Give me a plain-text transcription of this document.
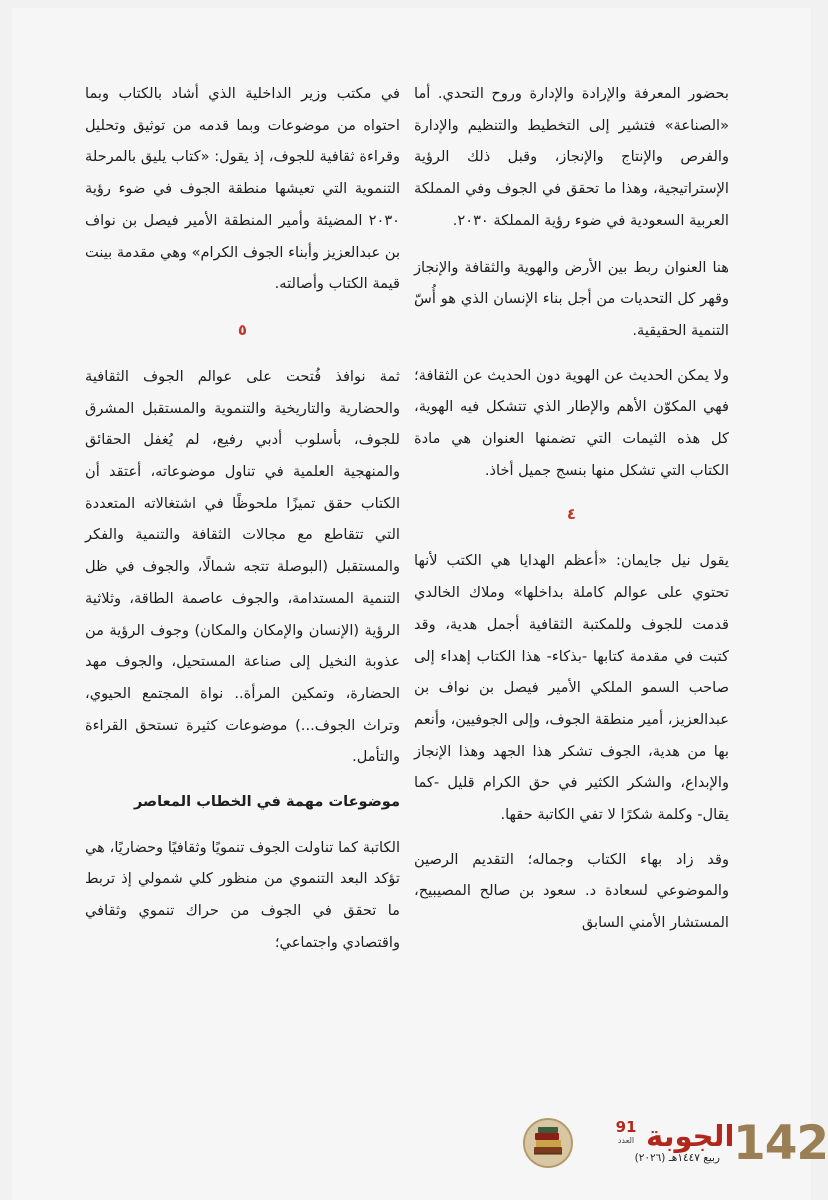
بحضور المعرفة والإرادة والإدارة وروح التحدي. أما «الصناعة» فتشير إلى التخطيط والتنظيم والإدارة والفرص والإنتاج والإنجاز، وقبل ذلك الرؤية الإستراتيجية، وهذا ما تحقق في الجوف وفي المملكة العربية السعودية في ضوء رؤية المملكة ٢٠٣٠.

هنا العنوان ربط بين الأرض والهوية والثقافة والإنجاز وقهر كل التحديات من أجل بناء الإنسان الذي هو أُسّ التنمية الحقيقية.

ولا يمكن الحديث عن الهوية دون الحديث عن الثقافة؛ فهي المكوّن الأهم والإطار الذي تتشكل فيه الهوية، كل هذه الثيمات التي تضمنها العنوان هي مادة الكتاب التي تشكل منها بنسج جميل أخاذ.

٤

يقول نيل جايمان: «أعظم الهدايا هي الكتب لأنها تحتوي على عوالم كاملة بداخلها» وملاك الخالدي قدمت للجوف وللمكتبة الثقافية أجمل هدية، وقد كتبت في مقدمة كتابها -بذكاء- هذا الكتاب إهداء إلى صاحب السمو الملكي الأمير فيصل بن نواف بن عبدالعزيز، أمير منطقة الجوف، وإلى الجوفيين، وأنعم بها من هدية، الجوف تشكر هذا الجهد وهذا الإنجاز والإبداع، والشكر الكثير في حق الكرام قليل -كما يقال- وكلمة شكرًا لا تفي الكاتبة حقها.

وقد زاد بهاء الكتاب وجماله؛ التقديم الرصين والموضوعي لسعادة د. سعود بن صالح المصيبيح، المستشار الأمني السابق

في مكتب وزير الداخلية الذي أشاد بالكتاب وبما احتواه من موضوعات وبما قدمه من توثيق وتحليل وقراءة ثقافية للجوف، إذ يقول: «كتاب يليق بالمرحلة التنموية التي تعيشها منطقة الجوف في ضوء رؤية ٢٠٣٠ المضيئة وأمير المنطقة الأمير فيصل بن نواف بن عبدالعزيز وأبناء الجوف الكرام» وهي مقدمة بينت قيمة الكتاب وأصالته.

٥

ثمة نوافذ فُتحت على عوالم الجوف الثقافية والحضارية والتاريخية والتنموية والمستقبل المشرق للجوف، بأسلوب أدبي رفيع، لم يُغفل الحقائق والمنهجية العلمية في تناول موضوعاته، أعتقد أن الكتاب حقق تميزًا ملحوظًا في اشتغالاته المتعددة التي تتقاطع مع مجالات الثقافة والتنمية والفكر والمستقبل (البوصلة تتجه شمالًا، والجوف في ظل التنمية المستدامة، والجوف عاصمة الطاقة، وثلاثية الرؤية (الإنسان والإمكان والمكان) وجوف الرؤية من عذوبة النخيل إلى صناعة المستحيل، والجوف مهد الحضارة، وتمكين المرأة.. نواة المجتمع الحيوي، وتراث الجوف...) موضوعات كثيرة تستحق القراءة والتأمل.

موضوعات مهمة في الخطاب المعاصر

الكاتبة كما تناولت الجوف تنمويًا وثقافيًا وحضاريًا، هي تؤكد البعد التنموي من منظور كلي شمولي إذ تربط ما تحقق في الجوف من حراك تنموي وثقافي واقتصادي واجتماعي؛

142
الجوبة
91
العدد
ربيع ١٤٤٧هـ (٢٠٢٦)
